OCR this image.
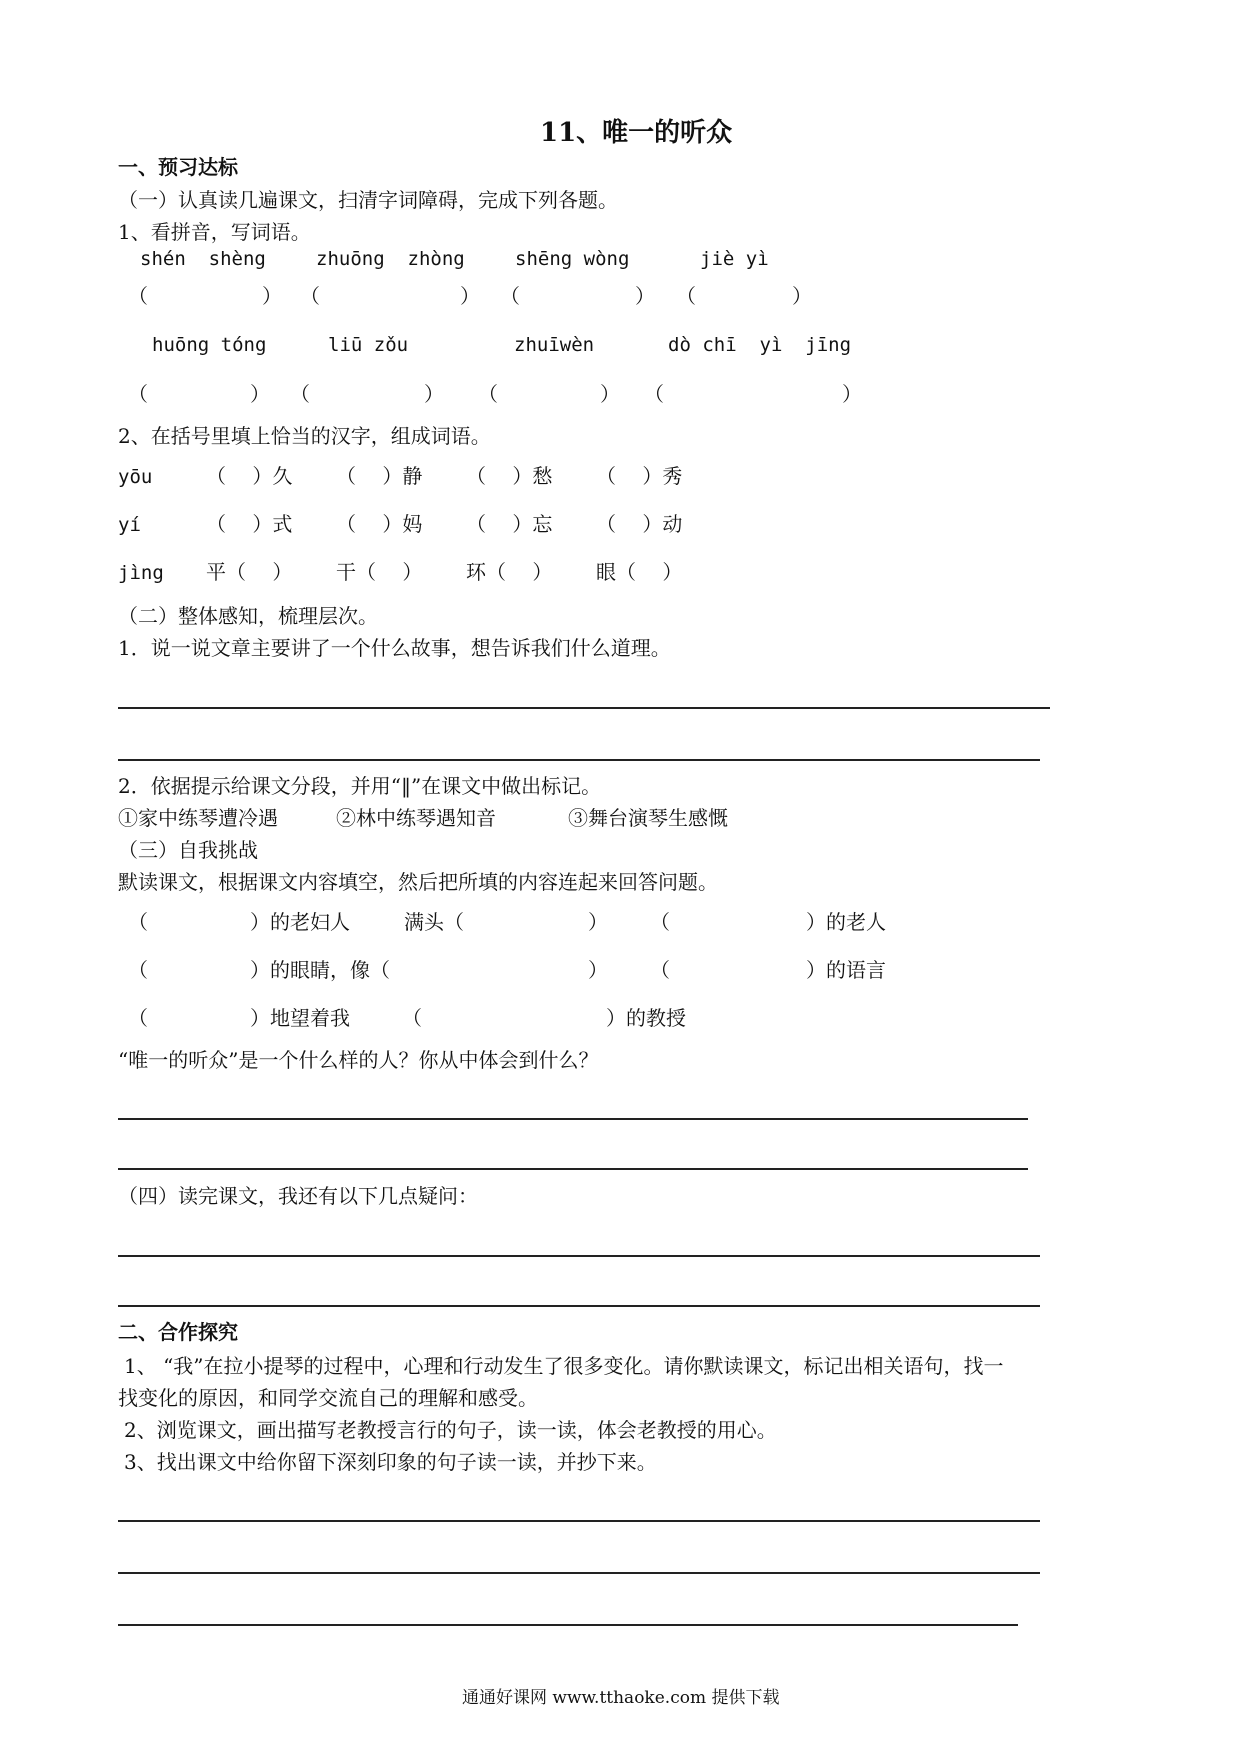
11、唯一的听众
一、预习达标
（一）认真读几遍课文，扫清字词障碍，完成下列各题。
1、看拼音，写词语。
shén  shèng	zhuōng  zhòng	shēng wòng	jiè yì
（	） （	） （	） （	）
huōng tóng	liū zǒu	zhuīwèn	dò chī  yì  jīng
（	） （	） （	） （	）
2、在括号里填上恰当的汉字，组成词语。
yōu	（　 ）久 （　 ）静 （　 ）愁 （　 ）秀
yí	（　 ）式 （　 ）妈 （　 ）忘 （　 ）动
jìng 平（　 ） 干（　 ） 环（　 ） 眼（　 ）
（二）整体感知，梳理层次。
1．说一说文章主要讲了一个什么故事，想告诉我们什么道理。
2．依据提示给课文分段，并用“‖”在课文中做出标记。
①家中练琴遭冷遇	②林中练琴遇知音	③舞台演琴生感慨
（三）自我挑战
默读课文，根据课文内容填空，然后把所填的内容连起来回答问题。
（	）的老妇人	满头（	） （	）的老人
（	）的眼睛，像（	） （	）的语言
（	）地望着我	（	）的教授
“唯一的听众”是一个什么样的人？你从中体会到什么？
（四）读完课文，我还有以下几点疑问：
二、合作探究
1、 “我”在拉小提琴的过程中，心理和行动发生了很多变化。请你默读课文，标记出相关语句，找一
找变化的原因，和同学交流自己的理解和感受。
2、浏览课文，画出描写老教授言行的句子，读一读，体会老教授的用心。
3、找出课文中给你留下深刻印象的句子读一读，并抄下来。
通通好课网 www.tthaoke.com 提供下载
